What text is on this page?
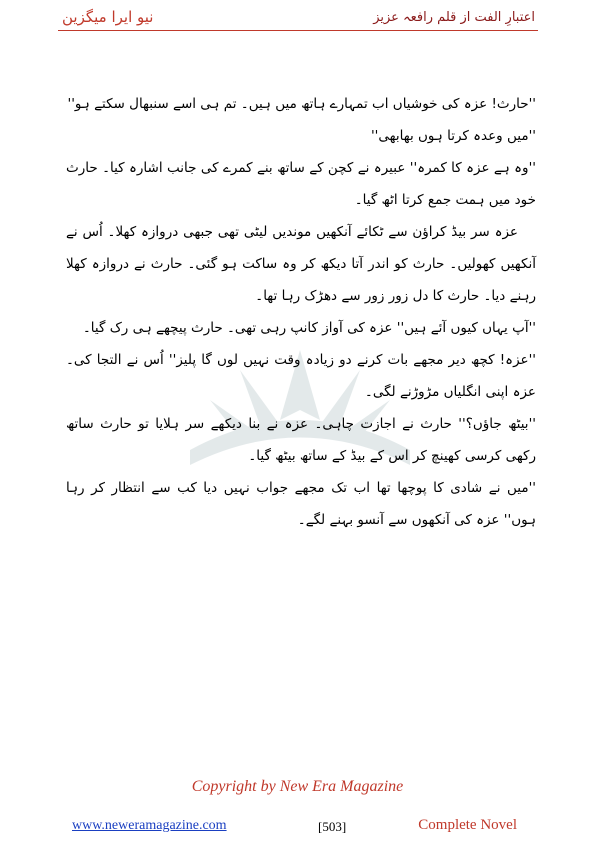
نیو ایرا میگزین	اعتبارِ الفت از قلم رافعہ عزیز

''حارث! عزہ کی خوشیاں اب تمہارے ہاتھ میں ہیں۔ تم ہی اسے سنبھال سکتے ہو''

''میں وعدہ کرتا ہوں بھابھی''

''وہ ہے عزہ کا کمرہ'' عبیرہ نے کچن کے ساتھ بنے کمرے کی جانب اشارہ کیا۔ حارث خود میں ہمت جمع کرتا اٹھ گیا۔

عزہ سر بیڈ کراؤن سے ٹکائے آنکھیں موندیں لیٹی تھی جبھی دروازہ کھلا۔ اُس نے آنکھیں کھولیں۔ حارث کو اندر آتا دیکھ کر وہ ساکت ہو گئی۔ حارث نے دروازہ کھلا رہنے دیا۔ حارث کا دل زور زور سے دھڑک رہا تھا۔

''آپ یہاں کیوں آئے ہیں'' عزہ کی آواز کانپ رہی تھی۔ حارث پیچھے ہی رک گیا۔

''عزہ! کچھ دیر مجھے بات کرنے دو زیادہ وقت نہیں لوں گا پلیز'' اُس نے التجا کی۔ عزہ اپنی انگلیاں مڑوڑنے لگی۔

''بیٹھ جاؤں؟'' حارث نے اجازت چاہی۔ عزہ نے بنا دیکھے سر ہلایا تو حارث ساتھ رکھی کرسی کھینچ کر اس کے بیڈ کے ساتھ بیٹھ گیا۔

''میں نے شادی کا پوچھا تھا اب تک مجھے جواب نہیں دیا کب سے انتظار کر رہا ہوں'' عزہ کی آنکھوں سے آنسو بہنے لگے۔

Copyright by New Era Magazine
www.neweramagazine.com	[503]	Complete Novel
